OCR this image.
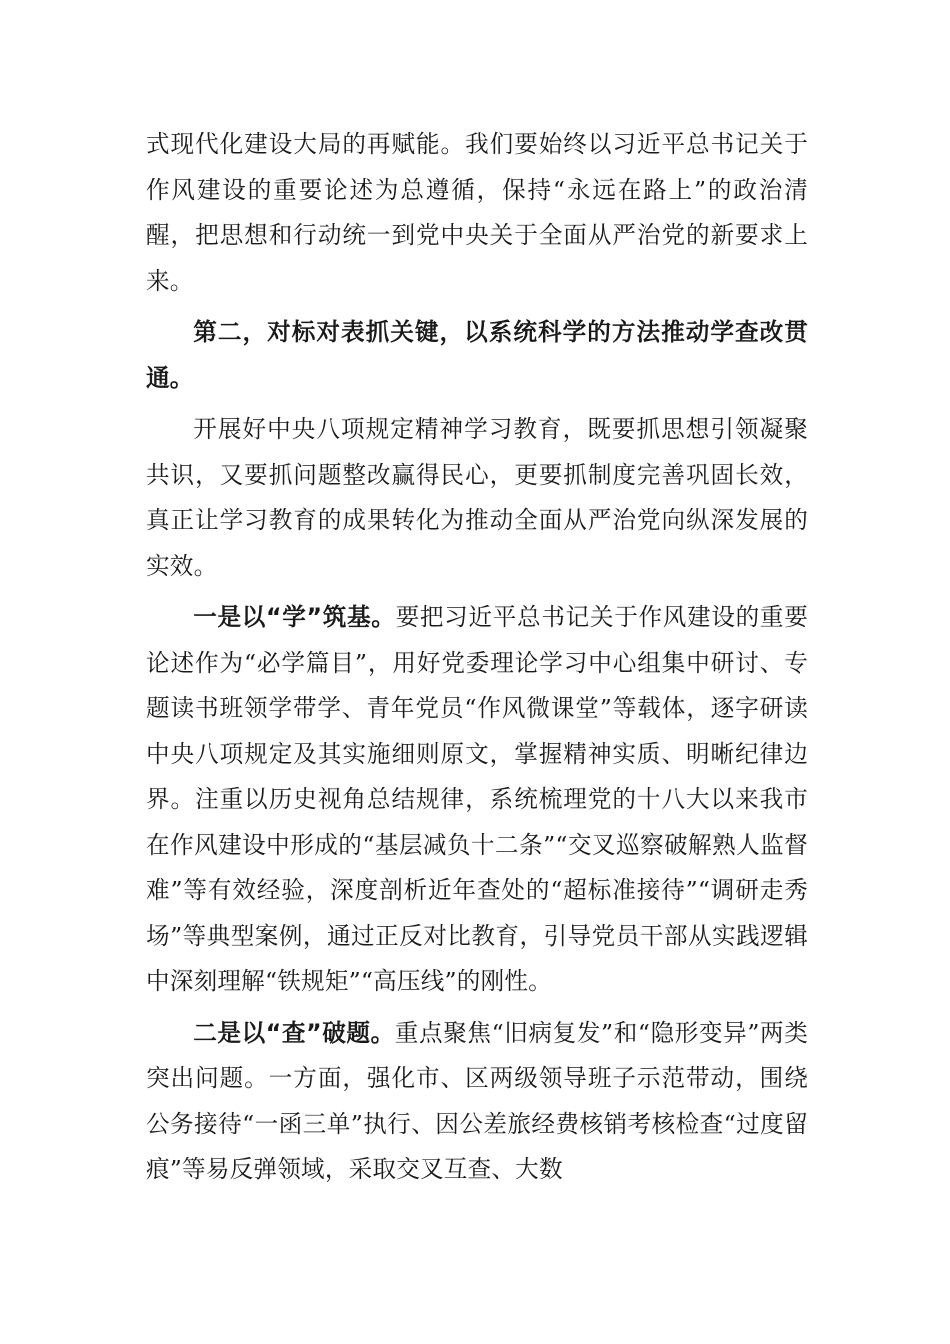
式现代化建设大局的再赋能。我们要始终以习近平总书记关于作风建设的重要论述为总遵循，保持“永远在路上”的政治清醒，把思想和行动统一到党中央关于全面从严治党的新要求上来。

第二，对标对表抓关键，以系统科学的方法推动学查改贯通。

开展好中央八项规定精神学习教育，既要抓思想引领凝聚共识，又要抓问题整改赢得民心，更要抓制度完善巩固长效，真正让学习教育的成果转化为推动全面从严治党向纵深发展的实效。

一是以“学”筑基。要把习近平总书记关于作风建设的重要论述作为“必学篇目”，用好党委理论学习中心组集中研讨、专题读书班领学带学、青年党员“作风微课堂”等载体，逐字研读中央八项规定及其实施细则原文，掌握精神实质、明晰纪律边界。注重以历史视角总结规律，系统梳理党的十八大以来我市在作风建设中形成的“基层减负十二条”“交叉巡察破解熟人监督难”等有效经验，深度剖析近年查处的“超标准接待”“调研走秀场”等典型案例，通过正反对比教育，引导党员干部从实践逻辑中深刻理解“铁规矩”“高压线”的刚性。

二是以“查”破题。重点聚焦“旧病复发”和“隐形变异”两类突出问题。一方面，强化市、区两级领导班子示范带动，围绕公务接待“一函三单”执行、因公差旅经费核销考核检查“过度留痕”等易反弹领域，采取交叉互查、大数
